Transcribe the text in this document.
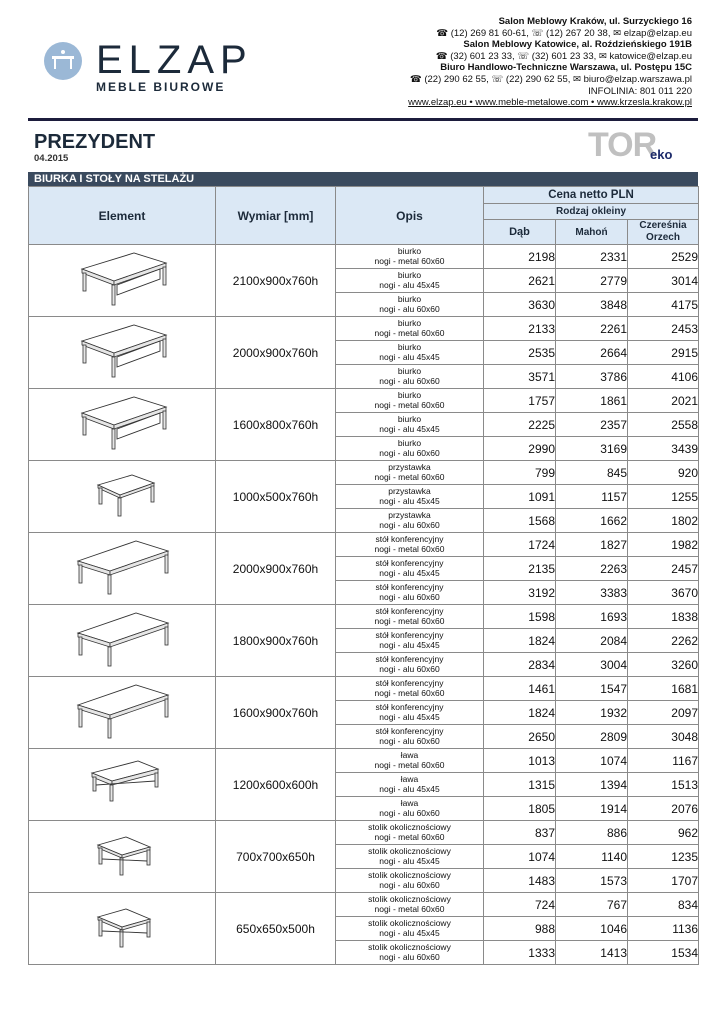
ELZAP
MEBLE BIUROWE
Salon Meblowy Kraków, ul. Surzyckiego 16
☎ (12) 269 81 60-61, ☏ (12) 267 20 38, ✉ elzap@elzap.eu
Salon Meblowy Katowice, al. Roździeńskiego 191B
☎ (32) 601 23 33, ☏ (32) 601 23 33, ✉ katowice@elzap.eu
Biuro Handlowo-Techniczne Warszawa, ul. Postępu 15C
☎ (22) 290 62 55, ☏ (22) 290 62 55, ✉ biuro@elzap.warszawa.pl
INFOLINIA: 801 011 220
www.elzap.eu • www.meble-metalowe.com • www.krzesla.krakow.pl
PREZYDENT
04.2015	TOR
eko
BIURKA I STOŁY NA STELAŻU
Element	Wymiar [mm]	Opis	Cena netto PLN		
			Rodzaj okleiny		
			Dąb	Mahoń	Czereśnia Orzech
	2100x900x760h	biurko
nogi - metal 60x60	2198	2331	2529

		biurko
nogi - alu 45x45	2621	2779	3014

		biurko
nogi - alu 60x60	3630	3848	4175
	2000x900x760h	biurko
nogi - metal 60x60	2133	2261	2453

		biurko
nogi - alu 45x45	2535	2664	2915

		biurko
nogi - alu 60x60	3571	3786	4106
	1600x800x760h	biurko
nogi - metal 60x60	1757	1861	2021

		biurko
nogi - alu 45x45	2225	2357	2558

		biurko
nogi - alu 60x60	2990	3169	3439
	1000x500x760h	przystawka
nogi - metal 60x60	799	845	920

		przystawka
nogi - alu 45x45	1091	1157	1255

		przystawka
nogi - alu 60x60	1568	1662	1802
	2000x900x760h	stół konferencyjny
nogi - metal 60x60	1724	1827	1982

		stół konferencyjny
nogi - alu 45x45	2135	2263	2457

		stół konferencyjny
nogi - alu 60x60	3192	3383	3670
	1800x900x760h	stół konferencyjny
nogi - metal 60x60	1598	1693	1838

		stół konferencyjny
nogi - alu 45x45	1824	2084	2262

		stół konferencyjny
nogi - alu 60x60	2834	3004	3260
	1600x900x760h	stół konferencyjny
nogi - metal 60x60	1461	1547	1681

		stół konferencyjny
nogi - alu 45x45	1824	1932	2097

		stół konferencyjny
nogi - alu 60x60	2650	2809	3048
	1200x600x600h	ława
nogi - metal 60x60	1013	1074	1167

		ława
nogi - alu 45x45	1315	1394	1513

		ława
nogi - alu 60x60	1805	1914	2076
	700x700x650h	stolik okolicznościowy
nogi - metal 60x60	837	886	962

		stolik okolicznościowy
nogi - alu 45x45	1074	1140	1235

		stolik okolicznościowy
nogi - alu 60x60	1483	1573	1707
	650x650x500h	stolik okolicznościowy
nogi - metal 60x60	724	767	834

		stolik okolicznościowy
nogi - alu 45x45	988	1046	1136

		stolik okolicznościowy
nogi - alu 60x60	1333	1413	1534
